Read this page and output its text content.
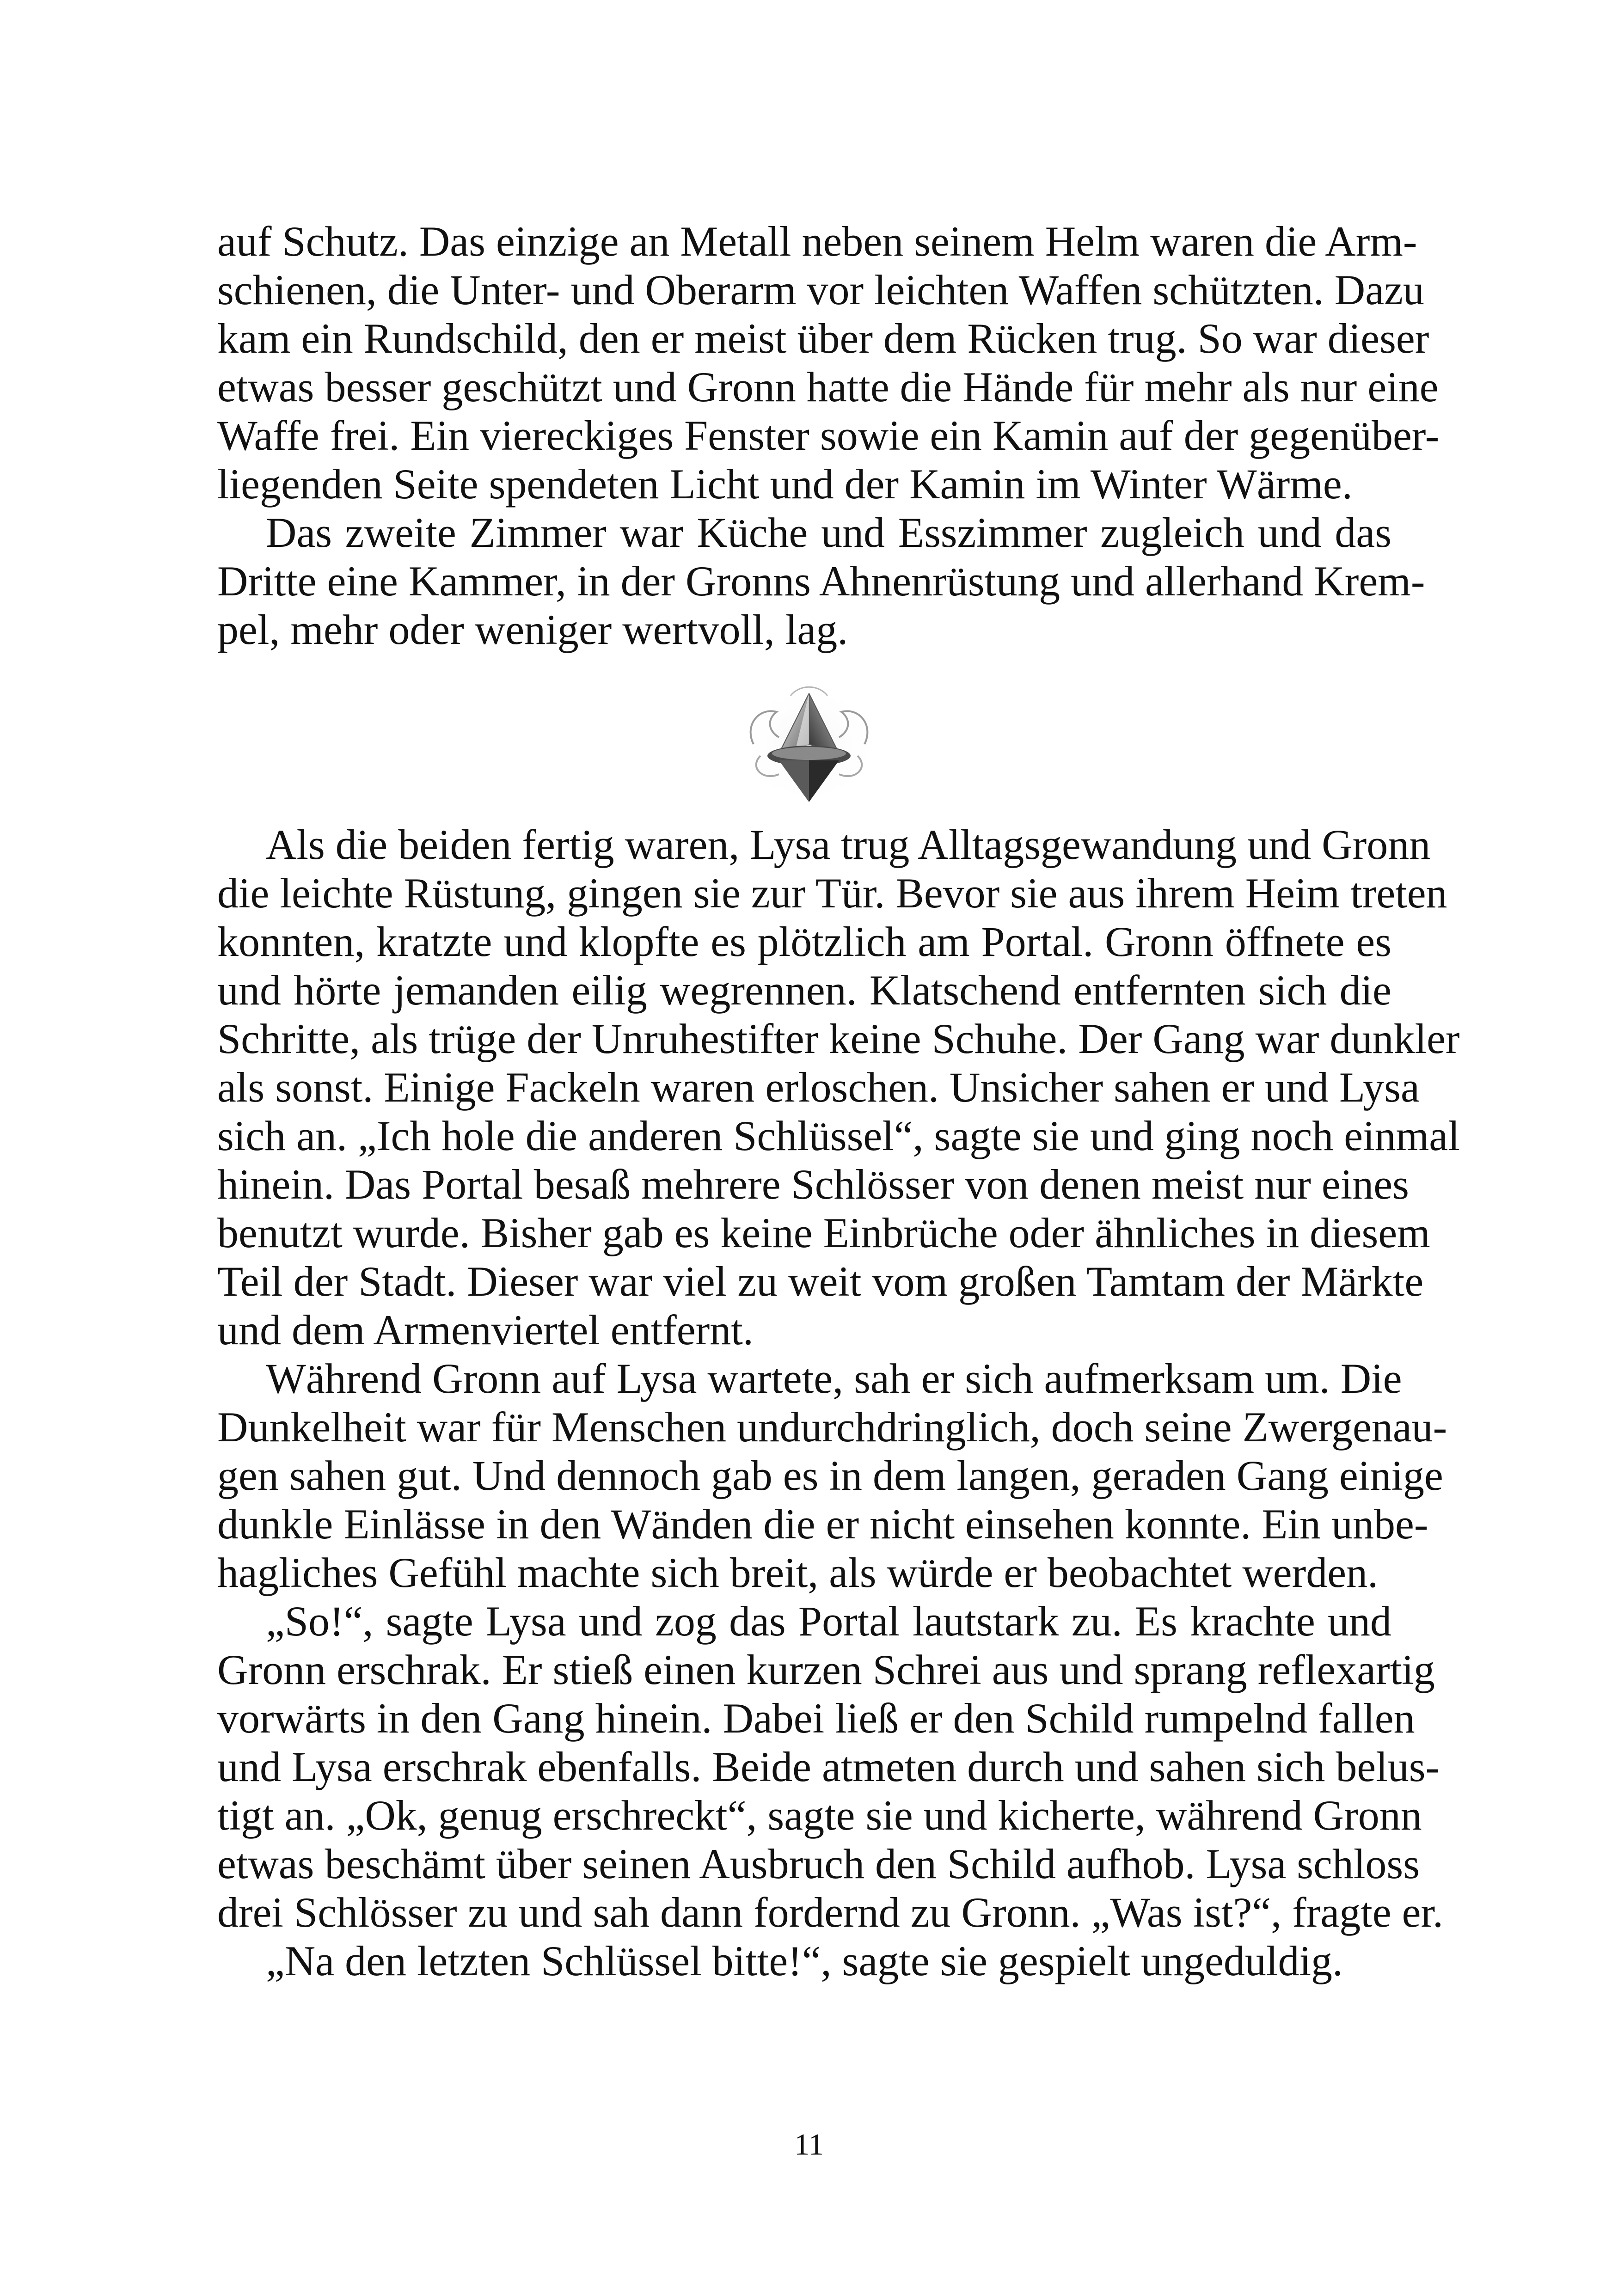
auf Schutz. Das einzige an Metall neben seinem Helm waren die Arm-
schienen, die Unter- und Oberarm vor leichten Waffen schützten. Dazu
kam ein Rundschild, den er meist über dem Rücken trug. So war dieser
etwas besser geschützt und Gronn hatte die Hände für mehr als nur eine
Waffe frei. Ein viereckiges Fenster sowie ein Kamin auf der gegenüber-
liegenden Seite spendeten Licht und der Kamin im Winter Wärme.
Das zweite Zimmer war Küche und Esszimmer zugleich und das
Dritte eine Kammer, in der Gronns Ahnenrüstung und allerhand Krem-
pel, mehr oder weniger wertvoll, lag.
Als die beiden fertig waren, Lysa trug Alltagsgewandung und Gronn
die leichte Rüstung, gingen sie zur Tür. Bevor sie aus ihrem Heim treten
konnten, kratzte und klopfte es plötzlich am Portal. Gronn öffnete es
und hörte jemanden eilig wegrennen. Klatschend entfernten sich die
Schritte, als trüge der Unruhestifter keine Schuhe. Der Gang war dunkler
als sonst. Einige Fackeln waren erloschen. Unsicher sahen er und Lysa
sich an. „Ich hole die anderen Schlüssel“, sagte sie und ging noch einmal
hinein. Das Portal besaß mehrere Schlösser von denen meist nur eines
benutzt wurde. Bisher gab es keine Einbrüche oder ähnliches in diesem
Teil der Stadt. Dieser war viel zu weit vom großen Tamtam der Märkte
und dem Armenviertel entfernt.
Während Gronn auf Lysa wartete, sah er sich aufmerksam um. Die
Dunkelheit war für Menschen undurchdringlich, doch seine Zwergenau-
gen sahen gut. Und dennoch gab es in dem langen, geraden Gang einige
dunkle Einlässe in den Wänden die er nicht einsehen konnte. Ein unbe-
hagliches Gefühl machte sich breit, als würde er beobachtet werden.
„So!“, sagte Lysa und zog das Portal lautstark zu. Es krachte und
Gronn erschrak. Er stieß einen kurzen Schrei aus und sprang reflexartig
vorwärts in den Gang hinein. Dabei ließ er den Schild rumpelnd fallen
und Lysa erschrak ebenfalls. Beide atmeten durch und sahen sich belus-
tigt an. „Ok, genug erschreckt“, sagte sie und kicherte, während Gronn
etwas beschämt über seinen Ausbruch den Schild aufhob. Lysa schloss
drei Schlösser zu und sah dann fordernd zu Gronn. „Was ist?“, fragte er.
„Na den letzten Schlüssel bitte!“, sagte sie gespielt ungeduldig.
11
